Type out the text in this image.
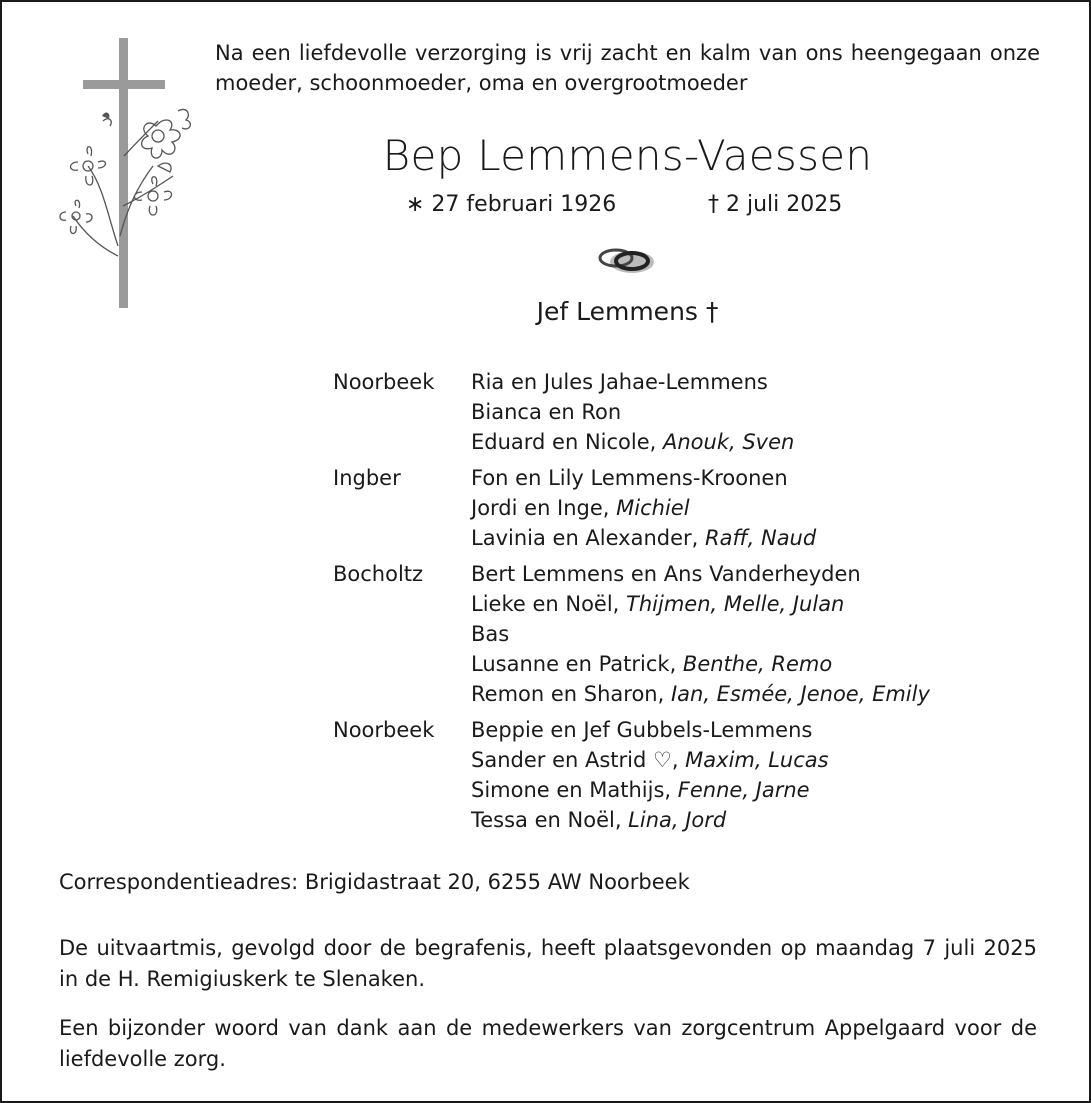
Na een liefdevolle verzorging is vrij zacht en kalm van ons heengegaan onze moeder, schoonmoeder, oma en overgrootmoeder

Bep Lemmens-Vaessen
∗ 27 februari 1926	† 2 juli 2025
Jef Lemmens †
Noorbeek	Ria en Jules Jahae-Lemmens
Bianca en Ron
Eduard en Nicole, Anouk, Sven
Ingber	Fon en Lily Lemmens-Kroonen
Jordi en Inge, Michiel
Lavinia en Alexander, Raff, Naud
Bocholtz	Bert Lemmens en Ans Vanderheyden
Lieke en Noël, Thijmen, Melle, Julan
Bas
Lusanne en Patrick, Benthe, Remo
Remon en Sharon, Ian, Esmée, Jenoe, Emily
Noorbeek	Beppie en Jef Gubbels-Lemmens
Sander en Astrid ♡, Maxim, Lucas
Simone en Mathijs, Fenne, Jarne
Tessa en Noël, Lina, Jord

Correspondentieadres: Brigidastraat 20, 6255 AW Noorbeek

De uitvaartmis, gevolgd door de begrafenis, heeft plaatsgevonden op maandag 7 juli 2025 in de H. Remigiuskerk te Slenaken.

Een bijzonder woord van dank aan de medewerkers van zorgcentrum Appelgaard voor de liefdevolle zorg.
